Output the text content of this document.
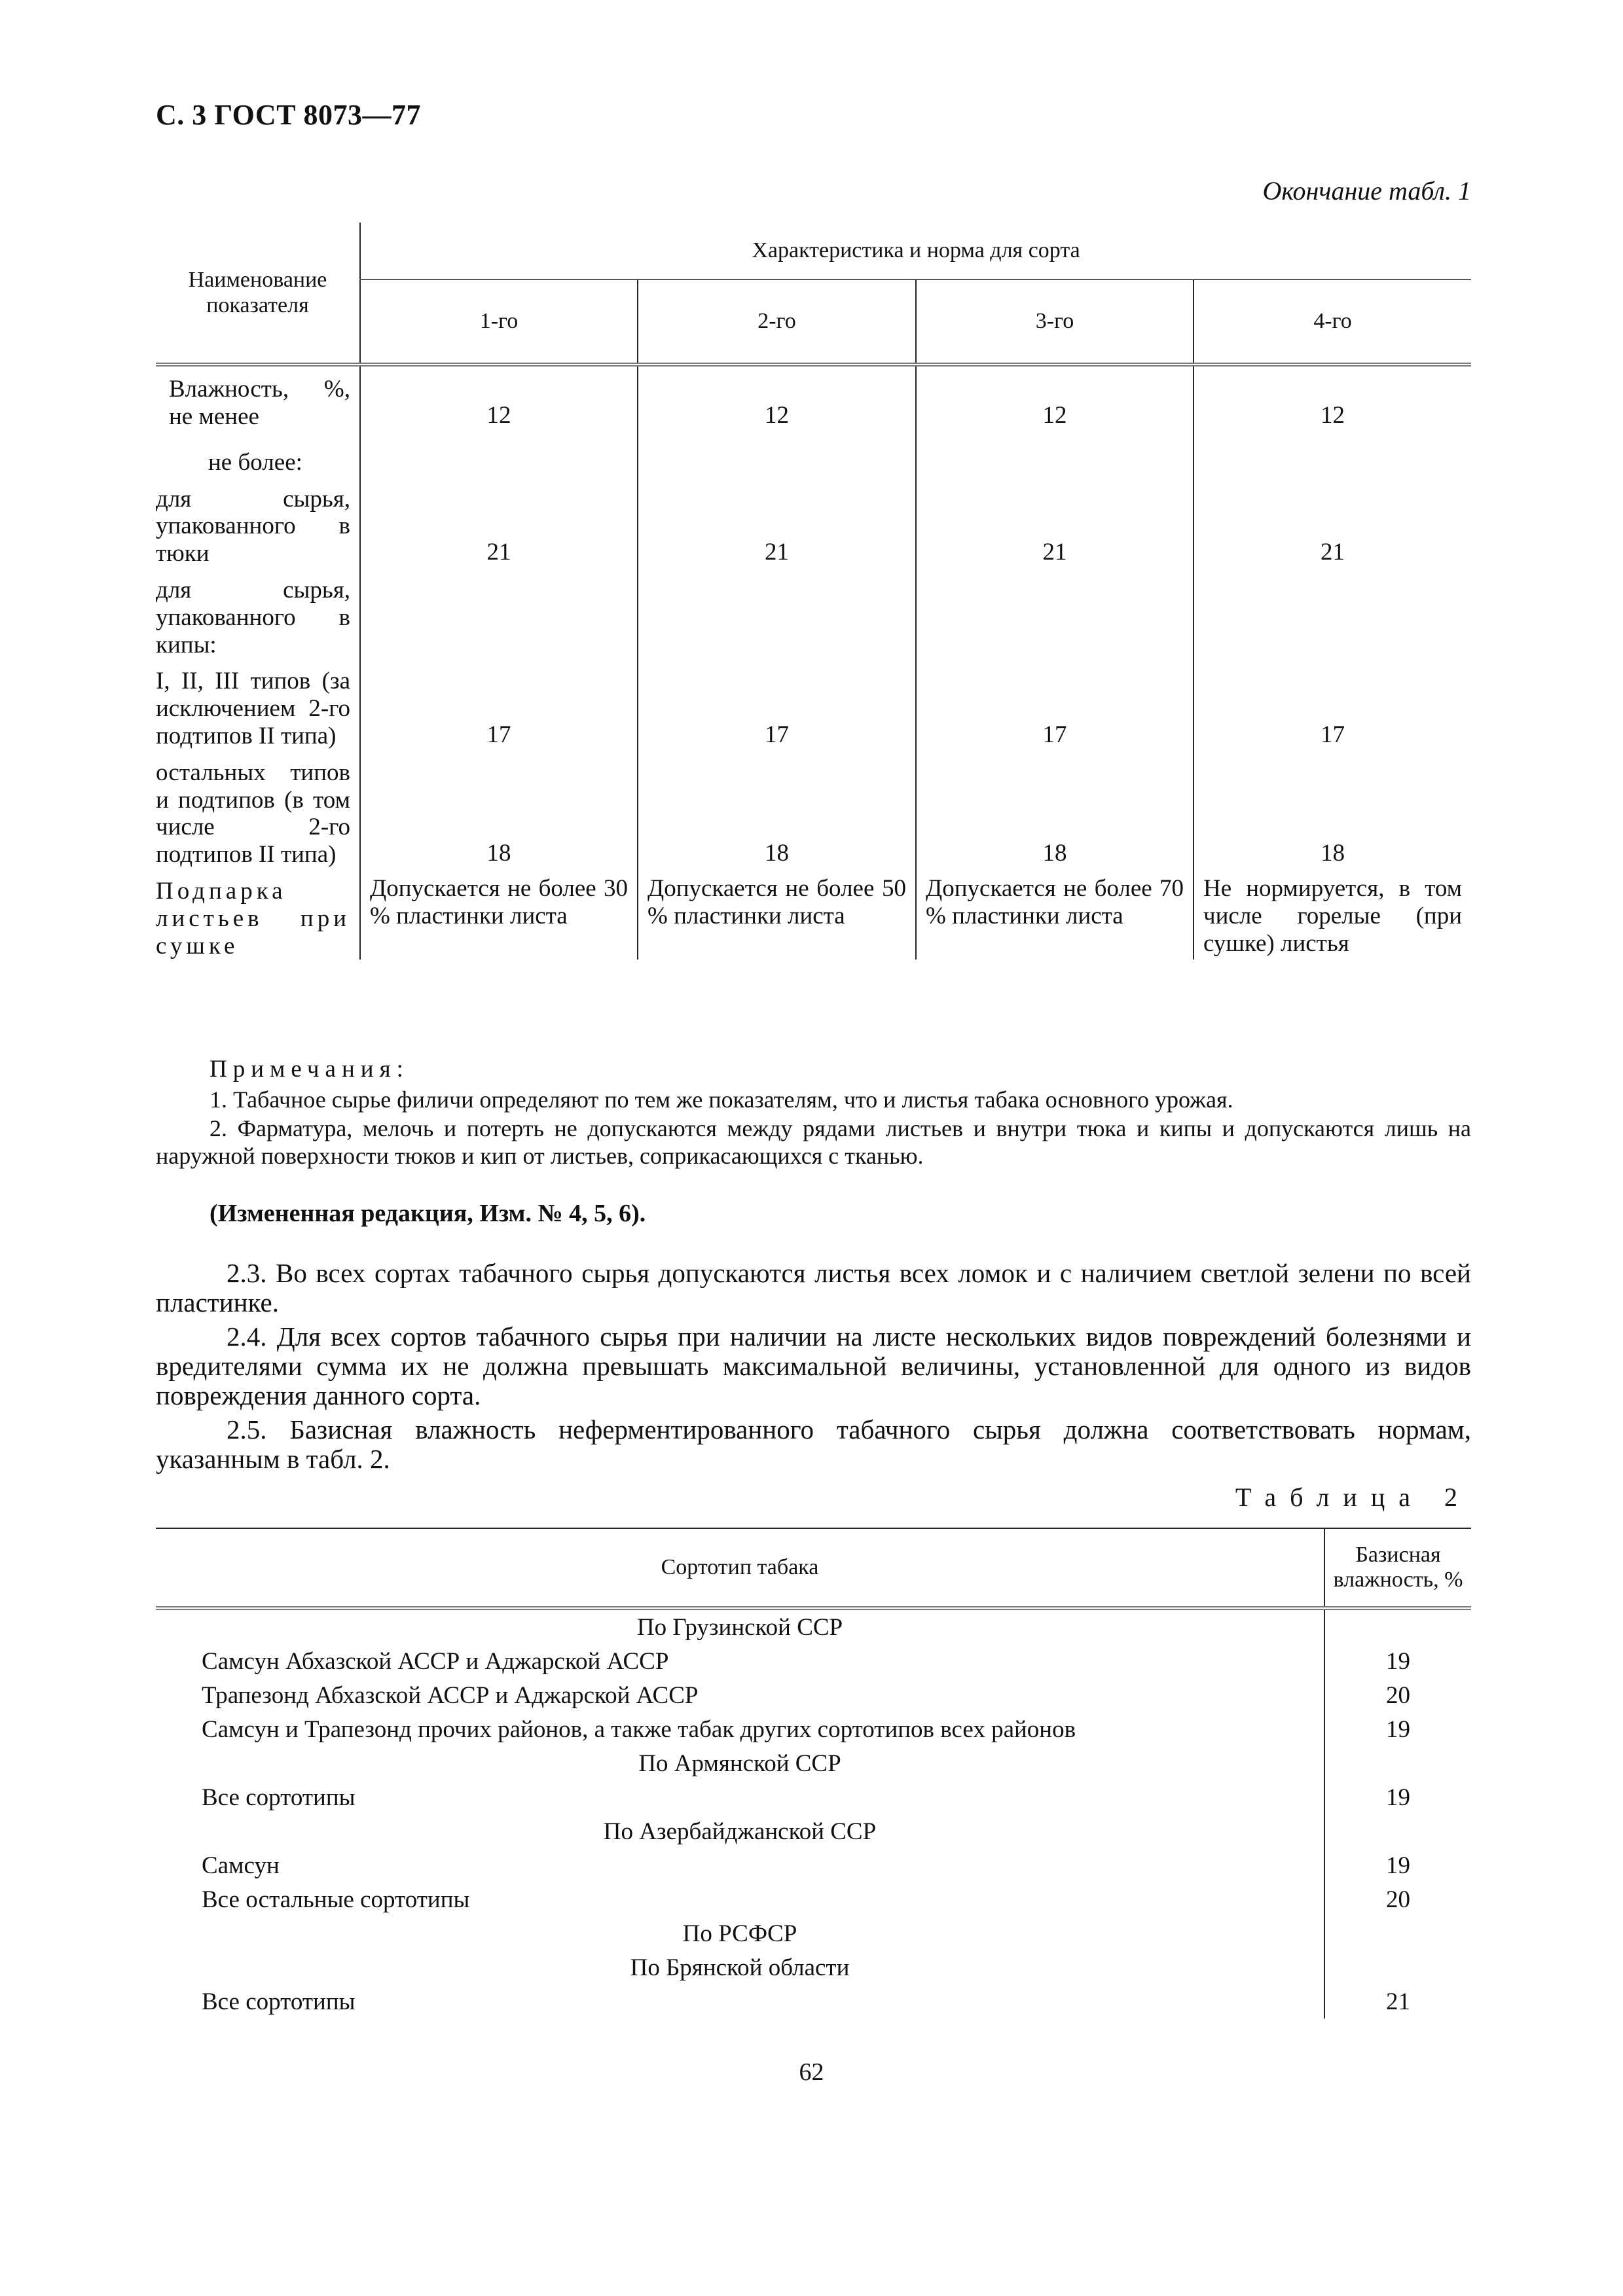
С. 3 ГОСТ 8073—77
Окончание табл. 1
Наименование показателя	Характеристика и норма для сорта			
	1-го	2-го	3-го	4-го
Влажность, %, не менее	12	12	12	12
не более:				
для сырья, упакованного в тюки	21	21	21	21
для сырья, упакованного в кипы:				
I, II, III типов (за исключением 2-го подтипов II типа)	17	17	17	17
остальных типов и подтипов (в том числе 2-го подтипов II типа)	18	18	18	18
Подпарка листьев при сушке	Допускается не более 30 % пластинки листа	Допускается не более 50 % пластинки листа	Допускается не более 70 % пластинки листа	Не нормируется, в том числе горелые (при сушке) листья
Примечания:
1. Табачное сырье филичи определяют по тем же показателям, что и листья табака основного урожая.
2. Фарматура, мелочь и потерть не допускаются между рядами листьев и внутри тюка и кипы и допускаются лишь на наружной поверхности тюков и кип от листьев, соприкасающихся с тканью.
(Измененная редакция, Изм. № 4, 5, 6).
2.3. Во всех сортах табачного сырья допускаются листья всех ломок и с наличием светлой зелени по всей пластинке.
2.4. Для всех сортов табачного сырья при наличии на листе нескольких видов повреждений болезнями и вредителями сумма их не должна превышать максимальной величины, установленной для одного из видов повреждения данного сорта.
2.5. Базисная влажность неферментированного табачного сырья должна соответствовать нормам, указанным в табл. 2.
Таблица 2
Сортотип табака	Базисная влажность, %
По Грузинской ССР	
Самсун Абхазской АССР и Аджарской АССР	19
Трапезонд Абхазской АССР и Аджарской АССР	20
Самсун и Трапезонд прочих районов, а также табак других сортотипов всех районов	19
По Армянской ССР	
Все сортотипы	19
По Азербайджанской ССР	
Самсун	19
Все остальные сортотипы	20
По РСФСР	
По Брянской области	
Все сортотипы	21
62
